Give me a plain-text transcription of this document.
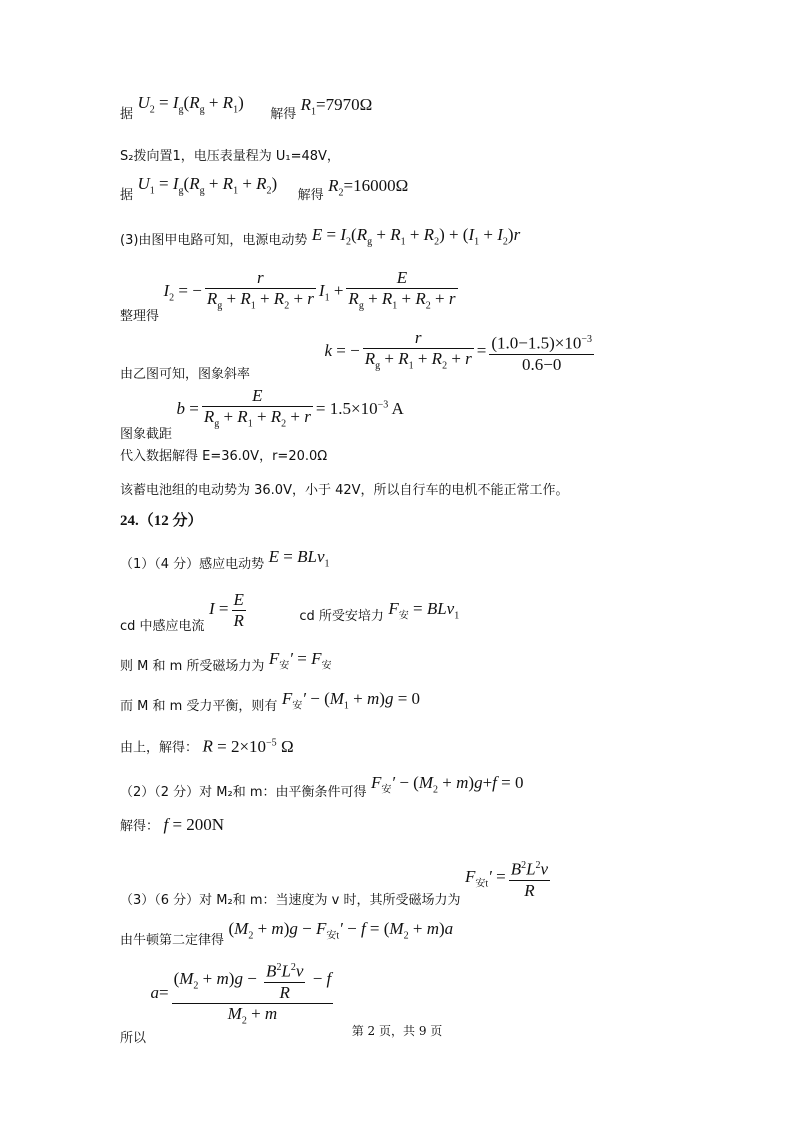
据 $U_2 = I_g(R_g + R_1)$ 解得 $R_1=7970\Omega$
S₂拨向置1，电压表量程为 U₁=48V，
据 $U_1 = I_g(R_g + R_1 + R_2)$ 解得 $R_2=16000\Omega$
(3)由图甲电路可知，电源电动势 $E = I_2(R_g + R_1 + R_2) + (I_1 + I_2)r$
整理得 $I_2$ = − $\frac{r}{R_g + R_1 + R_2 + r} I_1 + \frac{E}{R_g + R_1 + R_2 + r}$
由乙图可知，图象斜率 k = − $\frac{r}{R_g + R_1 + R_2 + r} = \frac{(1.0-1.5)\times 10^{-3}}{0.6-0}$
图象截距 $b = \frac{E}{R_g + R_1 + R_2 + r} = 1.5\times 10^{-3}$ A
代入数据解得 E=36.0V，r=20.0Ω
该蓄电池组的电动势为 36.0V，小于 42V，所以自行车的电机不能正常工作。
24.（12 分）
（1）（4 分）感应电动势 E = BLv$_1$
cd 中感应电流 $I = \frac{E}{R}$	cd 所受安培力 $F_安 = BLv_1$
则 M 和 m 所受磁场力为 $F_安' = F_安$
而 M 和 m 受力平衡，则有 $F_安' - (M_1 + m)g = 0$
由上，解得： $R = 2\times 10^{-5}$ Ω
（2）（2 分）对 M₂和 m：由平衡条件可得 $F_安' - (M_2 + m)g+f = 0$
解得： f = 200N
（3）（6 分）对 M₂和 m：当速度为 v 时，其所受磁场力为 $F_{安t}' = \frac{B^2L^2v}{R}$
由牛顿第二定律得 $(M_2 + m)g - F_{安t}' - f = (M_2 + m)a$
所以 $a= \frac{(M_2 + m)g - \frac{B^2L^2v}{R} - f}{M_2 + m}$	第 2 页，共 9 页
